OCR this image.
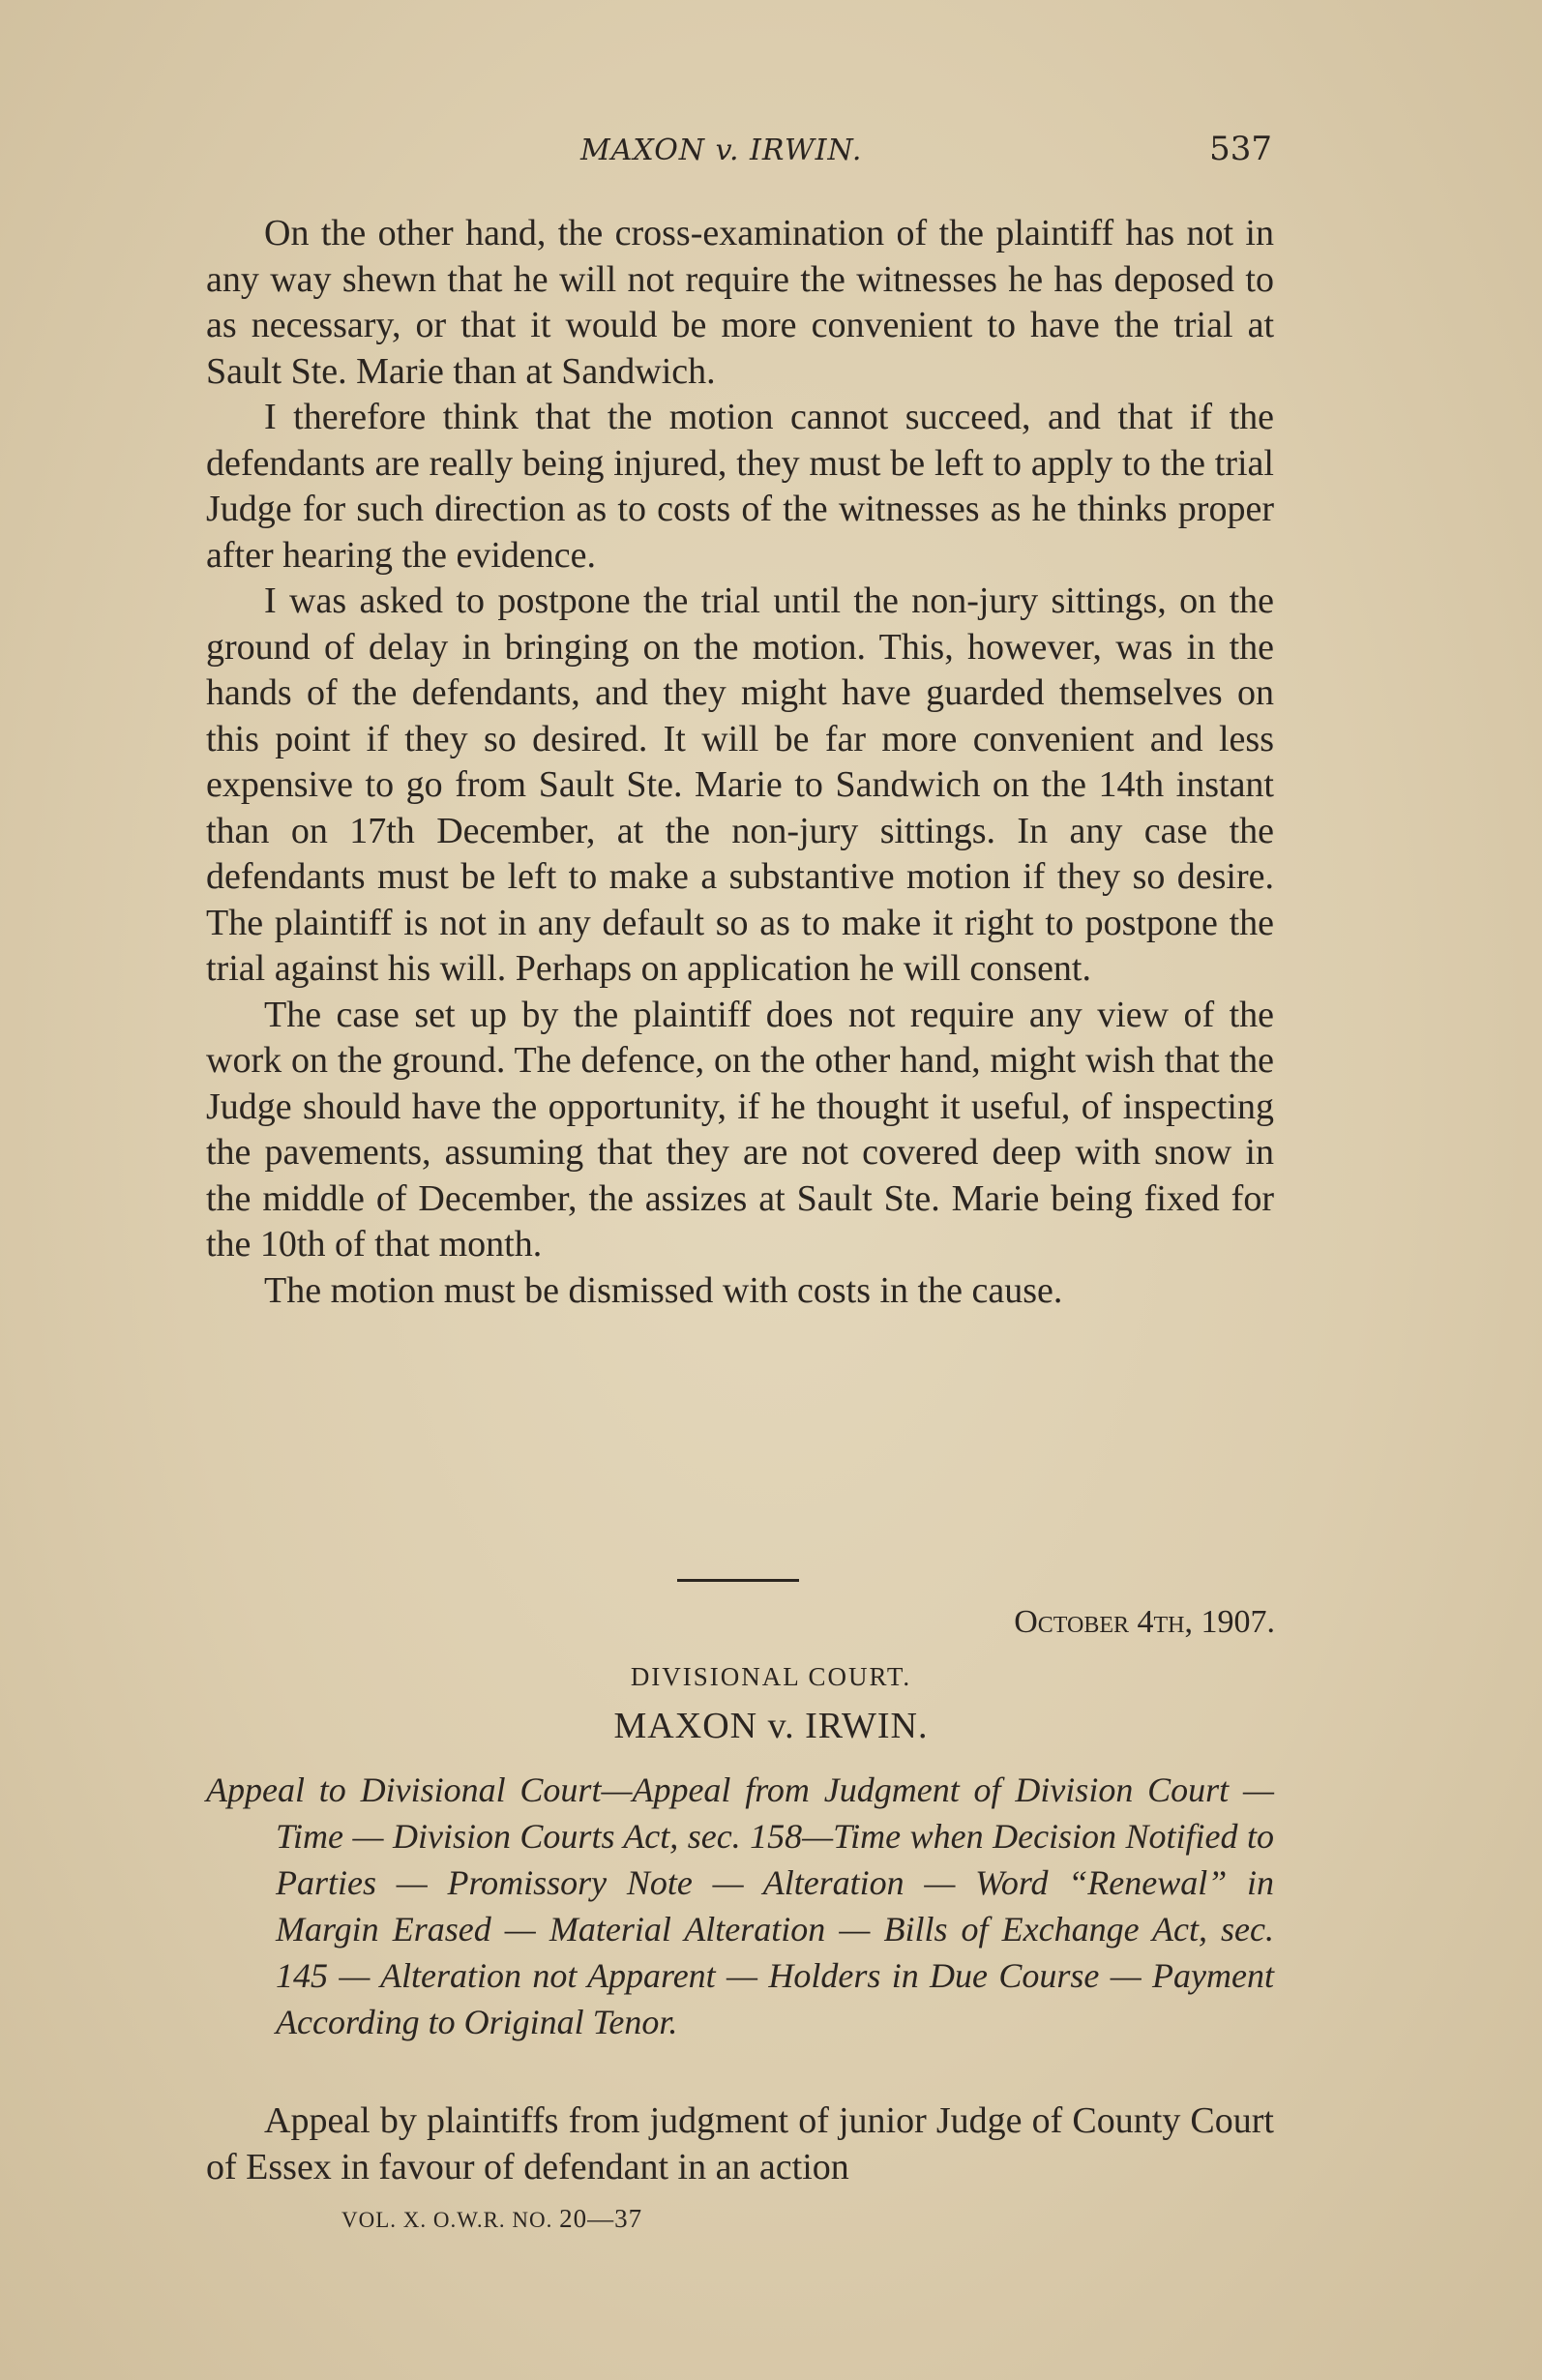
MAXON v. IRWIN.	537

On the other hand, the cross-examination of the plaintiff has not in any way shewn that he will not require the witnesses he has deposed to as necessary, or that it would be more convenient to have the trial at Sault Ste. Marie than at Sandwich.

I therefore think that the motion cannot succeed, and that if the defendants are really being injured, they must be left to apply to the trial Judge for such direction as to costs of the witnesses as he thinks proper after hearing the evidence.

I was asked to postpone the trial until the non-jury sittings, on the ground of delay in bringing on the motion. This, however, was in the hands of the defendants, and they might have guarded themselves on this point if they so desired. It will be far more convenient and less expensive to go from Sault Ste. Marie to Sandwich on the 14th instant than on 17th December, at the non-jury sittings. In any case the defendants must be left to make a substantive motion if they so desire. The plaintiff is not in any default so as to make it right to postpone the trial against his will. Perhaps on application he will consent.

The case set up by the plaintiff does not require any view of the work on the ground. The defence, on the other hand, might wish that the Judge should have the opportunity, if he thought it useful, of inspecting the pavements, assuming that they are not covered deep with snow in the middle of December, the assizes at Sault Ste. Marie being fixed for the 10th of that month.

The motion must be dismissed with costs in the cause.

October 4th, 1907.
DIVISIONAL COURT.
MAXON v. IRWIN.
Appeal to Divisional Court—Appeal from Judgment of Division Court — Time — Division Courts Act, sec. 158—Time when Decision Notified to Parties — Promissory Note — Alteration — Word “Renewal” in Margin Erased — Material Alteration — Bills of Exchange Act, sec. 145 — Alteration not Apparent — Holders in Due Course — Payment According to Original Tenor.

Appeal by plaintiffs from judgment of junior Judge of County Court of Essex in favour of defendant in an action

VOL. X. O.W.R. NO. 20—37
